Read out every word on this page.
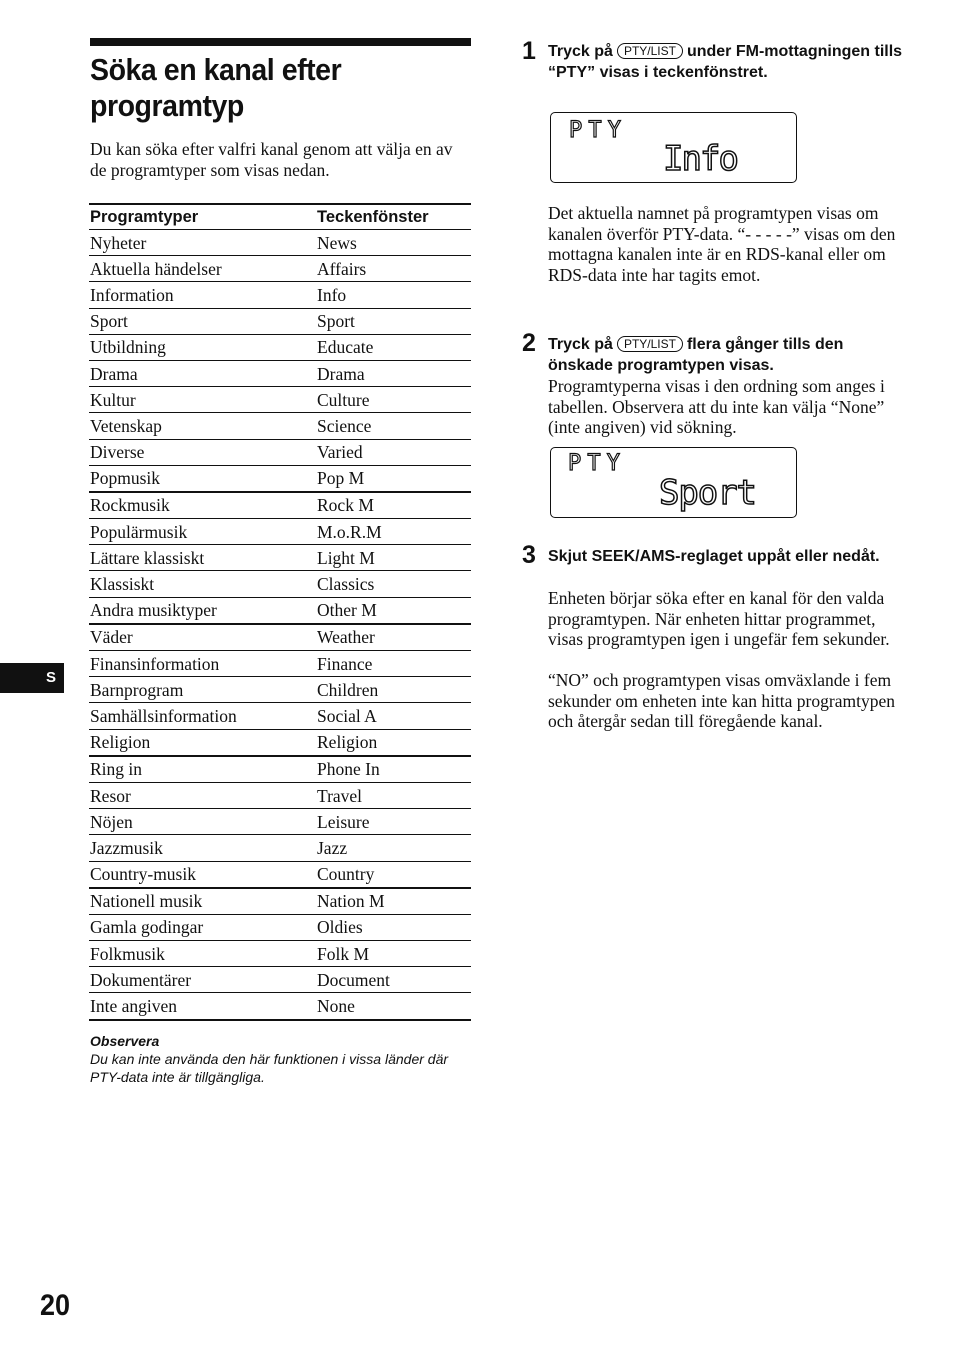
Söka en kanal efter programtyp
Du kan söka efter valfri kanal genom att välja en av de programtyper som visas nedan.
Programtyper	Teckenfönster
Nyheter	News
Aktuella händelser	Affairs
Information	Info
Sport	Sport
Utbildning	Educate
Drama	Drama
Kultur	Culture
Vetenskap	Science
Diverse	Varied
Popmusik	Pop M
Rockmusik	Rock M
Populärmusik	M.o.R.M
Lättare klassiskt	Light M
Klassiskt	Classics
Andra musiktyper	Other M
Väder	Weather
Finansinformation	Finance
Barnprogram	Children
Samhällsinformation	Social A
Religion	Religion
Ring in	Phone In
Resor	Travel
Nöjen	Leisure
Jazzmusik	Jazz
Country-musik	Country
Nationell musik	Nation M
Gamla godingar	Oldies
Folkmusik	Folk M
Dokumentärer	Document
Inte angiven	None
Observera
Du kan inte använda den här funktionen i vissa länder där PTY-data inte är tillgängliga.
S
20
1 Tryck på PTY/LIST under FM-mottagningen tills “PTY” visas i teckenfönstret.
PTY
Info
Det aktuella namnet på programtypen visas om kanalen överför PTY-data. “- - - - -” visas om den mottagna kanalen inte är en RDS-kanal eller om RDS-data inte har tagits emot.
2 Tryck på PTY/LIST flera gånger tills den önskade programtypen visas.
Programtyperna visas i den ordning som anges i tabellen. Observera att du inte kan välja “None” (inte angiven) vid sökning.
PTY
Sport
3 Skjut SEEK/AMS-reglaget uppåt eller nedåt.
Enheten börjar söka efter en kanal för den valda programtypen. När enheten hittar programmet, visas programtypen igen i ungefär fem sekunder.
“NO” och programtypen visas omväxlande i fem sekunder om enheten inte kan hitta programtypen och återgår sedan till föregående kanal.
